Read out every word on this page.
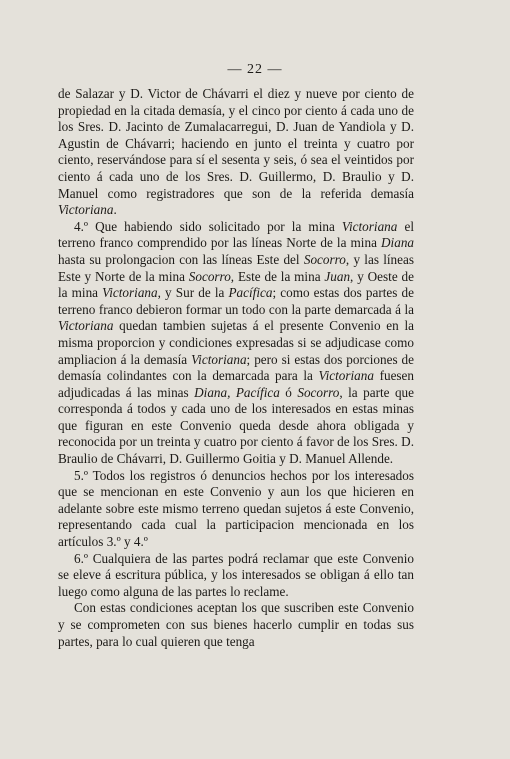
— 22 —

de Salazar y D. Victor de Chávarri el diez y nueve por ciento de propiedad en la citada demasía, y el cinco por ciento á cada uno de los Sres. D. Jacinto de Zumalacarregui, D. Juan de Yandiola y D. Agustin de Chávarri; haciendo en junto el treinta y cuatro por ciento, reservándose para sí el sesenta y seis, ó sea el veintidos por ciento á cada uno de los Sres. D. Guillermo, D. Braulio y D. Manuel como registradores que son de la referida demasía Victoriana.

4.º Que habiendo sido solicitado por la mina Victoriana el terreno franco comprendido por las líneas Norte de la mina Diana hasta su prolongacion con las líneas Este del Socorro, y las líneas Este y Norte de la mina Socorro, Este de la mina Juan, y Oeste de la mina Victoriana, y Sur de la Pacífica; como estas dos partes de terreno franco debieron formar un todo con la parte demarcada á la Victoriana quedan tambien sujetas á el presente Convenio en la misma proporcion y condiciones expresadas si se adjudicase como ampliacion á la demasía Victoriana; pero si estas dos porciones de demasía colindantes con la demarcada para la Victoriana fuesen adjudicadas á las minas Diana, Pacífica ó Socorro, la parte que corresponda á todos y cada uno de los interesados en estas minas que figuran en este Convenio queda desde ahora obligada y reconocida por un treinta y cuatro por ciento á favor de los Sres. D. Braulio de Chávarri, D. Guillermo Goitia y D. Manuel Allende.

5.º Todos los registros ó denuncios hechos por los interesados que se mencionan en este Convenio y aun los que hicieren en adelante sobre este mismo terreno quedan sujetos á este Convenio, representando cada cual la participacion mencionada en los artículos 3.º y 4.º

6.º Cualquiera de las partes podrá reclamar que este Convenio se eleve á escritura pública, y los interesados se obligan á ello tan luego como alguna de las partes lo reclame.

Con estas condiciones aceptan los que suscriben este Convenio y se comprometen con sus bienes hacerlo cumplir en todas sus partes, para lo cual quieren que tenga
